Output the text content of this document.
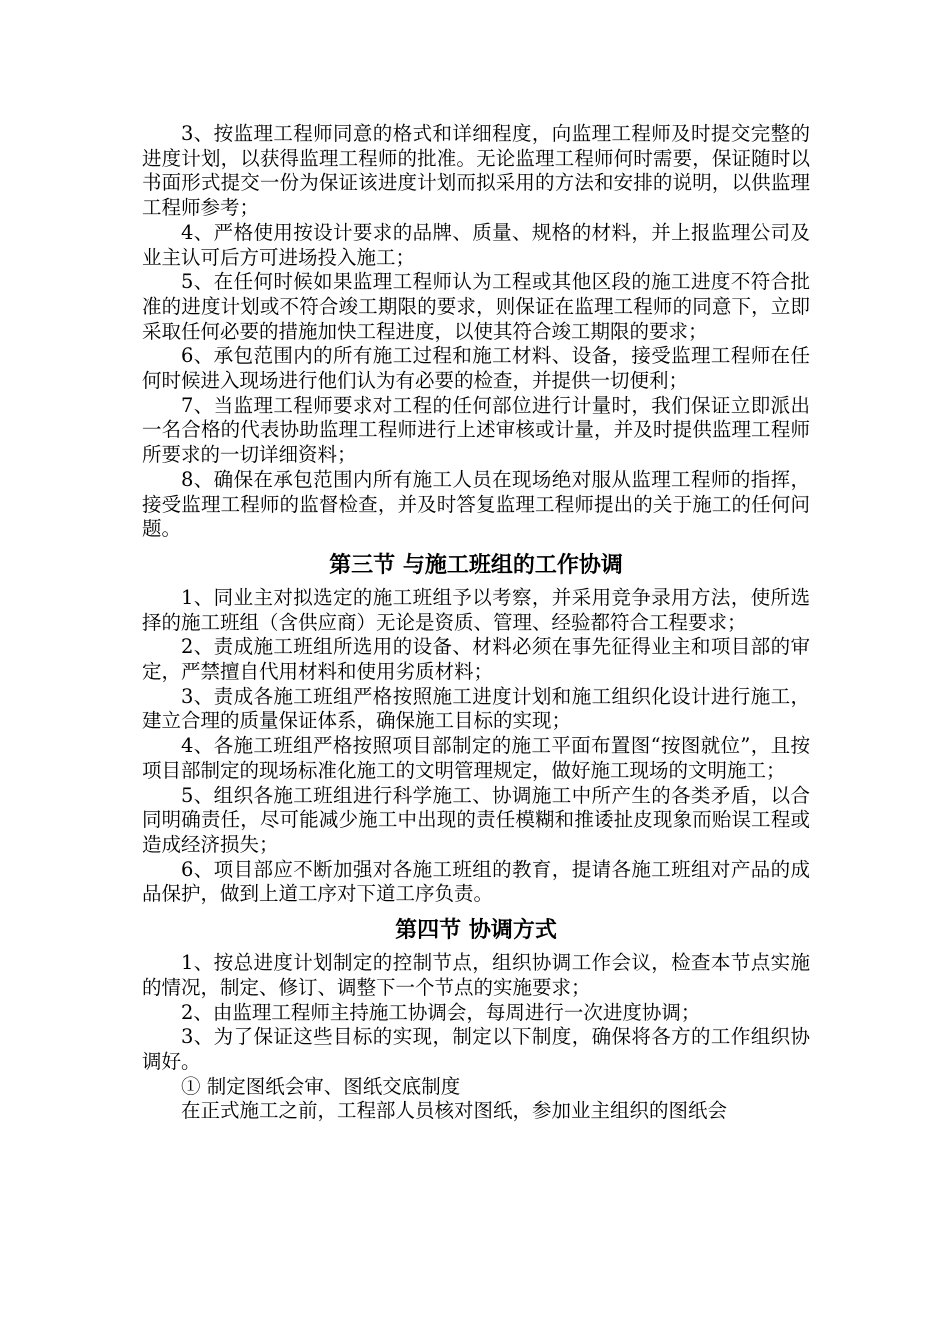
3、按监理工程师同意的格式和详细程度，向监理工程师及时提交完整的进度计划，以获得监理工程师的批准。无论监理工程师何时需要，保证随时以书面形式提交一份为保证该进度计划而拟采用的方法和安排的说明，以供监理工程师参考；

4、严格使用按设计要求的品牌、质量、规格的材料，并上报监理公司及业主认可后方可进场投入施工；

5、在任何时候如果监理工程师认为工程或其他区段的施工进度不符合批准的进度计划或不符合竣工期限的要求，则保证在监理工程师的同意下，立即采取任何必要的措施加快工程进度，以使其符合竣工期限的要求；

6、承包范围内的所有施工过程和施工材料、设备，接受监理工程师在任何时候进入现场进行他们认为有必要的检查，并提供一切便利；

7、当监理工程师要求对工程的任何部位进行计量时，我们保证立即派出一名合格的代表协助监理工程师进行上述审核或计量，并及时提供监理工程师所要求的一切详细资料；

8、确保在承包范围内所有施工人员在现场绝对服从监理工程师的指挥，接受监理工程师的监督检查，并及时答复监理工程师提出的关于施工的任何问题。

第三节 与施工班组的工作协调

1、同业主对拟选定的施工班组予以考察，并采用竞争录用方法，使所选择的施工班组（含供应商）无论是资质、管理、经验都符合工程要求；

2、责成施工班组所选用的设备、材料必须在事先征得业主和项目部的审定，严禁擅自代用材料和使用劣质材料；

3、责成各施工班组严格按照施工进度计划和施工组织化设计进行施工，建立合理的质量保证体系，确保施工目标的实现；

4、各施工班组严格按照项目部制定的施工平面布置图“按图就位”，且按项目部制定的现场标准化施工的文明管理规定，做好施工现场的文明施工；

5、组织各施工班组进行科学施工、协调施工中所产生的各类矛盾，以合同明确责任，尽可能减少施工中出现的责任模糊和推诿扯皮现象而贻误工程或造成经济损失；

6、项目部应不断加强对各施工班组的教育，提请各施工班组对产品的成品保护，做到上道工序对下道工序负责。

第四节 协调方式

1、按总进度计划制定的控制节点，组织协调工作会议，检查本节点实施的情况，制定、修订、调整下一个节点的实施要求；

2、由监理工程师主持施工协调会，每周进行一次进度协调；

3、为了保证这些目标的实现，制定以下制度，确保将各方的工作组织协调好。

① 制定图纸会审、图纸交底制度

在正式施工之前，工程部人员核对图纸，参加业主组织的图纸会
